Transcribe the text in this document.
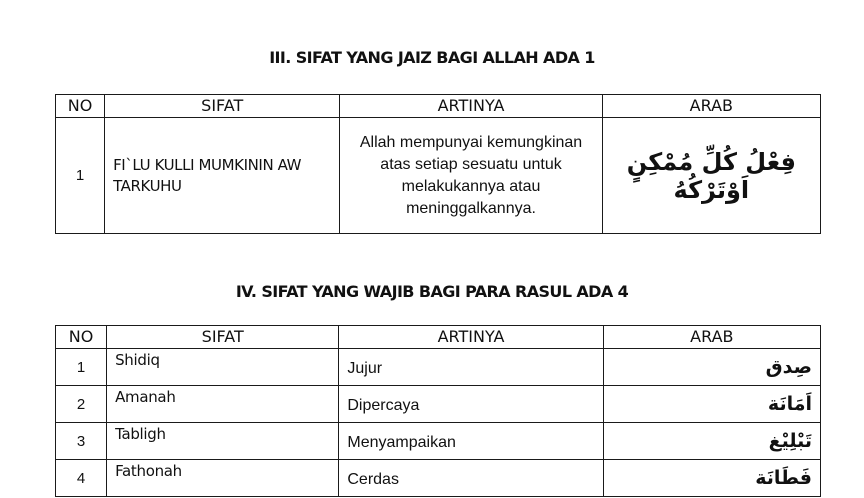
III. SIFAT YANG JAIZ BAGI ALLAH ADA 1
NO	SIFAT	ARTINYA	ARAB
1	FI`LU KULLI MUMKININ AW TARKUHU	Allah mempunyai kemungkinan atas setiap sesuatu untuk melakukannya atau meninggalkannya.	فِعْلُ كُلِّ مُمْكِنٍ اَوْتَرْكُهُ
IV. SIFAT YANG WAJIB BAGI PARA RASUL ADA 4
NO	SIFAT	ARTINYA	ARAB
1	Shidiq	Jujur	صِدق
2	Amanah	Dipercaya	اَمَانَة
3	Tabligh	Menyampaikan	تَبْلِيْغ
4	Fathonah	Cerdas	فَطَانَة
